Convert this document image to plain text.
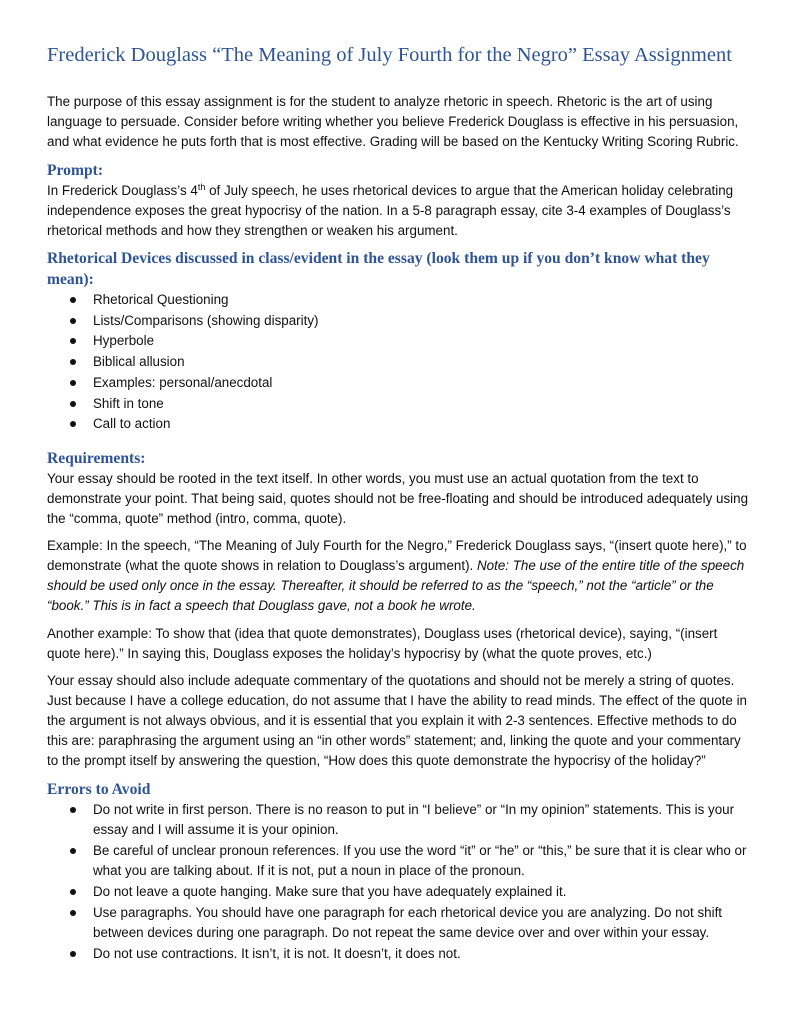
Frederick Douglass “The Meaning of July Fourth for the Negro” Essay Assignment

The purpose of this essay assignment is for the student to analyze rhetoric in speech. Rhetoric is the art of using language to persuade. Consider before writing whether you believe Frederick Douglass is effective in his persuasion, and what evidence he puts forth that is most effective. Grading will be based on the Kentucky Writing Scoring Rubric.

Prompt:

In Frederick Douglass’s 4th of July speech, he uses rhetorical devices to argue that the American holiday celebrating independence exposes the great hypocrisy of the nation. In a 5-8 paragraph essay, cite 3-4 examples of Douglass’s rhetorical methods and how they strengthen or weaken his argument.

Rhetorical Devices discussed in class/evident in the essay (look them up if you don’t know what they mean):
Rhetorical Questioning
Lists/Comparisons (showing disparity)
Hyperbole
Biblical allusion
Examples: personal/anecdotal
Shift in tone
Call to action
Requirements:

Your essay should be rooted in the text itself. In other words, you must use an actual quotation from the text to demonstrate your point. That being said, quotes should not be free-floating and should be introduced adequately using the “comma, quote” method (intro, comma, quote).

Example: In the speech, “The Meaning of July Fourth for the Negro,” Frederick Douglass says, “(insert quote here),” to demonstrate (what the quote shows in relation to Douglass’s argument). Note: The use of the entire title of the speech should be used only once in the essay. Thereafter, it should be referred to as the “speech,” not the “article” or the “book.” This is in fact a speech that Douglass gave, not a book he wrote.

Another example: To show that (idea that quote demonstrates), Douglass uses (rhetorical device), saying, “(insert quote here).” In saying this, Douglass exposes the holiday’s hypocrisy by (what the quote proves, etc.)

Your essay should also include adequate commentary of the quotations and should not be merely a string of quotes. Just because I have a college education, do not assume that I have the ability to read minds. The effect of the quote in the argument is not always obvious, and it is essential that you explain it with 2-3 sentences. Effective methods to do this are: paraphrasing the argument using an “in other words” statement; and, linking the quote and your commentary to the prompt itself by answering the question, “How does this quote demonstrate the hypocrisy of the holiday?”

Errors to Avoid
Do not write in first person. There is no reason to put in “I believe” or “In my opinion” statements. This is your essay and I will assume it is your opinion.
Be careful of unclear pronoun references. If you use the word “it” or “he” or “this,” be sure that it is clear who or what you are talking about. If it is not, put a noun in place of the pronoun.
Do not leave a quote hanging. Make sure that you have adequately explained it.
Use paragraphs. You should have one paragraph for each rhetorical device you are analyzing. Do not shift between devices during one paragraph. Do not repeat the same device over and over within your essay.
Do not use contractions. It isn’t, it is not. It doesn’t, it does not.
